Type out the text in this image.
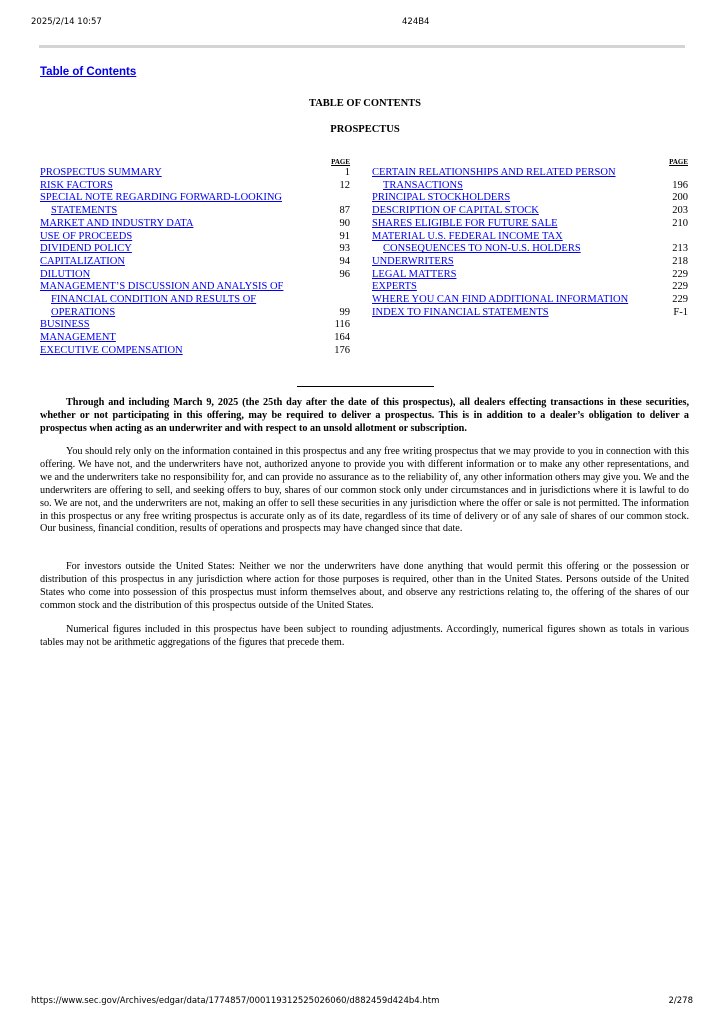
2025/2/14 10:57	424B4
Table of Contents
TABLE OF CONTENTS
PROSPECTUS
PAGE
PROSPECTUS SUMMARY	1
RISK FACTORS	12
SPECIAL NOTE REGARDING FORWARD-LOOKING
STATEMENTS	87
MARKET AND INDUSTRY DATA	90
USE OF PROCEEDS	91
DIVIDEND POLICY	93
CAPITALIZATION	94
DILUTION	96
MANAGEMENT’S DISCUSSION AND ANALYSIS OF
FINANCIAL CONDITION AND RESULTS OF
OPERATIONS	99
BUSINESS	116
MANAGEMENT	164
EXECUTIVE COMPENSATION	176
PAGE
CERTAIN RELATIONSHIPS AND RELATED PERSON
TRANSACTIONS	196
PRINCIPAL STOCKHOLDERS	200
DESCRIPTION OF CAPITAL STOCK	203
SHARES ELIGIBLE FOR FUTURE SALE	210
MATERIAL U.S. FEDERAL INCOME TAX
CONSEQUENCES TO NON-U.S. HOLDERS	213
UNDERWRITERS	218
LEGAL MATTERS	229
EXPERTS	229
WHERE YOU CAN FIND ADDITIONAL INFORMATION	229
INDEX TO FINANCIAL STATEMENTS	F-1

Through and including March 9, 2025 (the 25th day after the date of this prospectus), all dealers effecting transactions in these securities, whether or not participating in this offering, may be required to deliver a prospectus. This is in addition to a dealer’s obligation to deliver a prospectus when acting as an underwriter and with respect to an unsold allotment or subscription.

You should rely only on the information contained in this prospectus and any free writing prospectus that we may provide to you in connection with this offering. We have not, and the underwriters have not, authorized anyone to provide you with different information or to make any other representations, and we and the underwriters take no responsibility for, and can provide no assurance as to the reliability of, any other information others may give you. We and the underwriters are offering to sell, and seeking offers to buy, shares of our common stock only under circumstances and in jurisdictions where it is lawful to do so. We are not, and the underwriters are not, making an offer to sell these securities in any jurisdiction where the offer or sale is not permitted. The information in this prospectus or any free writing prospectus is accurate only as of its date, regardless of its time of delivery or of any sale of shares of our common stock. Our business, financial condition, results of operations and prospects may have changed since that date.

For investors outside the United States: Neither we nor the underwriters have done anything that would permit this offering or the possession or distribution of this prospectus in any jurisdiction where action for those purposes is required, other than in the United States. Persons outside of the United States who come into possession of this prospectus must inform themselves about, and observe any restrictions relating to, the offering of the shares of our common stock and the distribution of this prospectus outside of the United States.

Numerical figures included in this prospectus have been subject to rounding adjustments. Accordingly, numerical figures shown as totals in various tables may not be arithmetic aggregations of the figures that precede them.

https://www.sec.gov/Archives/edgar/data/1774857/000119312525026060/d882459d424b4.htm	2/278
